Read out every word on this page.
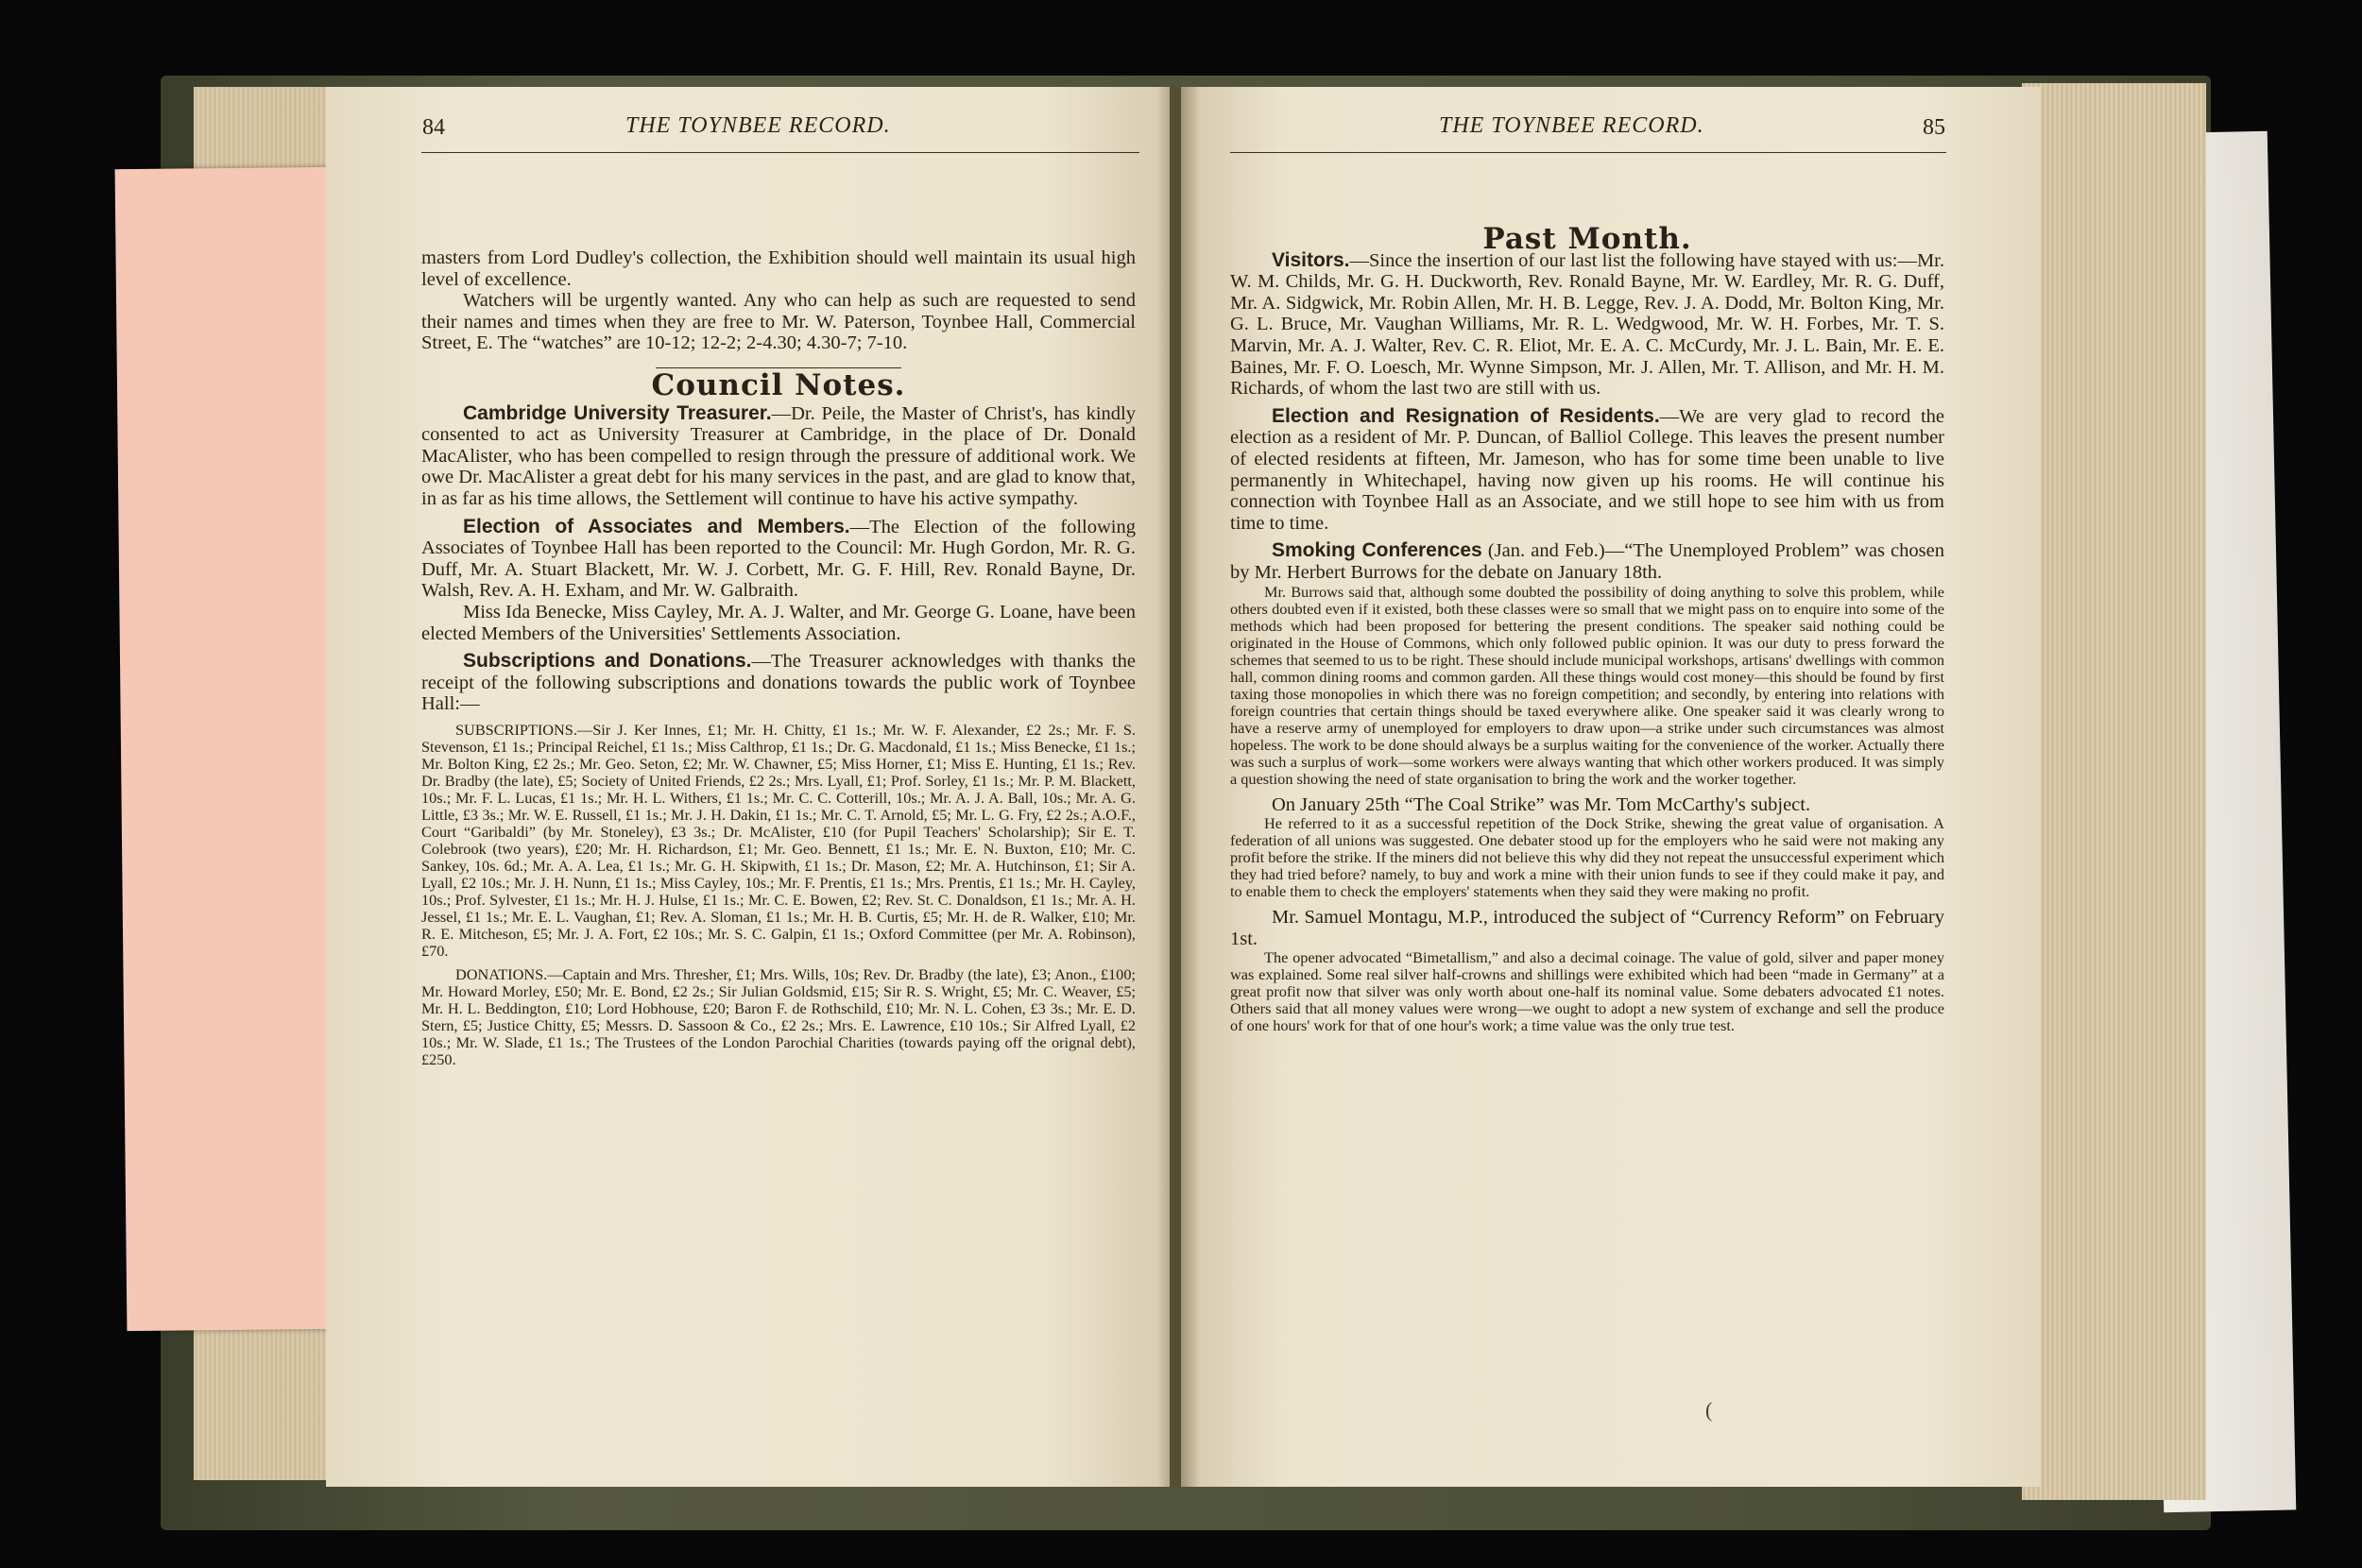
84	THE TOYNBEE RECORD.	THE TOYNBEE RECORD.	85

masters from Lord Dudley's collection, the Exhibition should well maintain its usual high level of excellence.

Watchers will be urgently wanted. Any who can help as such are requested to send their names and times when they are free to Mr. W. Paterson, Toynbee Hall, Commercial Street, E. The “watches” are 10-12; 12-2; 2-4.30; 4.30-7; 7-10.

Council Notes.

Cambridge University Treasurer.—Dr. Peile, the Master of Christ's, has kindly consented to act as University Treasurer at Cambridge, in the place of Dr. Donald MacAlister, who has been compelled to resign through the pressure of additional work. We owe Dr. MacAlister a great debt for his many services in the past, and are glad to know that, in as far as his time allows, the Settlement will continue to have his active sympathy.

Election of Associates and Members.—The Election of the following Associates of Toynbee Hall has been reported to the Council: Mr. Hugh Gordon, Mr. R. G. Duff, Mr. A. Stuart Blackett, Mr. W. J. Corbett, Mr. G. F. Hill, Rev. Ronald Bayne, Dr. Walsh, Rev. A. H. Exham, and Mr. W. Galbraith.

Miss Ida Benecke, Miss Cayley, Mr. A. J. Walter, and Mr. George G. Loane, have been elected Members of the Universities' Settlements Association.

Subscriptions and Donations.—The Treasurer acknowledges with thanks the receipt of the following subscriptions and donations towards the public work of Toynbee Hall:—

SUBSCRIPTIONS.—Sir J. Ker Innes, £1; Mr. H. Chitty, £1 1s.; Mr. W. F. Alexander, £2 2s.; Mr. F. S. Stevenson, £1 1s.; Principal Reichel, £1 1s.; Miss Calthrop, £1 1s.; Dr. G. Macdonald, £1 1s.; Miss Benecke, £1 1s.; Mr. Bolton King, £2 2s.; Mr. Geo. Seton, £2; Mr. W. Chawner, £5; Miss Horner, £1; Miss E. Hunting, £1 1s.; Rev. Dr. Bradby (the late), £5; Society of United Friends, £2 2s.; Mrs. Lyall, £1; Prof. Sorley, £1 1s.; Mr. P. M. Blackett, 10s.; Mr. F. L. Lucas, £1 1s.; Mr. H. L. Withers, £1 1s.; Mr. C. C. Cotterill, 10s.; Mr. A. J. A. Ball, 10s.; Mr. A. G. Little, £3 3s.; Mr. W. E. Russell, £1 1s.; Mr. J. H. Dakin, £1 1s.; Mr. C. T. Arnold, £5; Mr. L. G. Fry, £2 2s.; A.O.F., Court “Garibaldi” (by Mr. Stoneley), £3 3s.; Dr. McAlister, £10 (for Pupil Teachers' Scholarship); Sir E. T. Colebrook (two years), £20; Mr. H. Richardson, £1; Mr. Geo. Bennett, £1 1s.; Mr. E. N. Buxton, £10; Mr. C. Sankey, 10s. 6d.; Mr. A. A. Lea, £1 1s.; Mr. G. H. Skipwith, £1 1s.; Dr. Mason, £2; Mr. A. Hutchinson, £1; Sir A. Lyall, £2 10s.; Mr. J. H. Nunn, £1 1s.; Miss Cayley, 10s.; Mr. F. Prentis, £1 1s.; Mrs. Prentis, £1 1s.; Mr. H. Cayley, 10s.; Prof. Sylvester, £1 1s.; Mr. H. J. Hulse, £1 1s.; Mr. C. E. Bowen, £2; Rev. St. C. Donaldson, £1 1s.; Mr. A. H. Jessel, £1 1s.; Mr. E. L. Vaughan, £1; Rev. A. Sloman, £1 1s.; Mr. H. B. Curtis, £5; Mr. H. de R. Walker, £10; Mr. R. E. Mitcheson, £5; Mr. J. A. Fort, £2 10s.; Mr. S. C. Galpin, £1 1s.; Oxford Committee (per Mr. A. Robinson), £70.

DONATIONS.—Captain and Mrs. Thresher, £1; Mrs. Wills, 10s; Rev. Dr. Bradby (the late), £3; Anon., £100; Mr. Howard Morley, £50; Mr. E. Bond, £2 2s.; Sir Julian Goldsmid, £15; Sir R. S. Wright, £5; Mr. C. Weaver, £5; Mr. H. L. Beddington, £10; Lord Hobhouse, £20; Baron F. de Rothschild, £10; Mr. N. L. Cohen, £3 3s.; Mr. E. D. Stern, £5; Justice Chitty, £5; Messrs. D. Sassoon & Co., £2 2s.; Mrs. E. Lawrence, £10 10s.; Sir Alfred Lyall, £2 10s.; Mr. W. Slade, £1 1s.; The Trustees of the London Parochial Charities (towards paying off the orignal debt), £250.

Past Month.

Visitors.—Since the insertion of our last list the following have stayed with us:—Mr. W. M. Childs, Mr. G. H. Duckworth, Rev. Ronald Bayne, Mr. W. Eardley, Mr. R. G. Duff, Mr. A. Sidgwick, Mr. Robin Allen, Mr. H. B. Legge, Rev. J. A. Dodd, Mr. Bolton King, Mr. G. L. Bruce, Mr. Vaughan Williams, Mr. R. L. Wedgwood, Mr. W. H. Forbes, Mr. T. S. Marvin, Mr. A. J. Walter, Rev. C. R. Eliot, Mr. E. A. C. McCurdy, Mr. J. L. Bain, Mr. E. E. Baines, Mr. F. O. Loesch, Mr. Wynne Simpson, Mr. J. Allen, Mr. T. Allison, and Mr. H. M. Richards, of whom the last two are still with us.

Election and Resignation of Residents.—We are very glad to record the election as a resident of Mr. P. Duncan, of Balliol College. This leaves the present number of elected residents at fifteen, Mr. Jameson, who has for some time been unable to live permanently in Whitechapel, having now given up his rooms. He will continue his connection with Toynbee Hall as an Associate, and we still hope to see him with us from time to time.

Smoking Conferences (Jan. and Feb.)—“The Unemployed Problem” was chosen by Mr. Herbert Burrows for the debate on January 18th.

Mr. Burrows said that, although some doubted the possibility of doing anything to solve this problem, while others doubted even if it existed, both these classes were so small that we might pass on to enquire into some of the methods which had been proposed for bettering the present conditions. The speaker said nothing could be originated in the House of Commons, which only followed public opinion. It was our duty to press forward the schemes that seemed to us to be right. These should include municipal workshops, artisans' dwellings with common hall, common dining rooms and common garden. All these things would cost money—this should be found by first taxing those monopolies in which there was no foreign competition; and secondly, by entering into relations with foreign countries that certain things should be taxed everywhere alike. One speaker said it was clearly wrong to have a reserve army of unemployed for employers to draw upon—a strike under such circumstances was almost hopeless. The work to be done should always be a surplus waiting for the convenience of the worker. Actually there was such a surplus of work—some workers were always wanting that which other workers produced. It was simply a question showing the need of state organisation to bring the work and the worker together.

On January 25th “The Coal Strike” was Mr. Tom McCarthy's subject.

He referred to it as a successful repetition of the Dock Strike, shewing the great value of organisation. A federation of all unions was suggested. One debater stood up for the employers who he said were not making any profit before the strike. If the miners did not believe this why did they not repeat the unsuccessful experiment which they had tried before? namely, to buy and work a mine with their union funds to see if they could make it pay, and to enable them to check the employers' statements when they said they were making no profit.

Mr. Samuel Montagu, M.P., introduced the subject of “Currency Reform” on February 1st.

The opener advocated “Bimetallism,” and also a decimal coinage. The value of gold, silver and paper money was explained. Some real silver half-crowns and shillings were exhibited which had been “made in Germany” at a great profit now that silver was only worth about one-half its nominal value. Some debaters advocated £1 notes. Others said that all money values were wrong—we ought to adopt a new system of exchange and sell the produce of one hours' work for that of one hour's work; a time value was the only true test.

(
